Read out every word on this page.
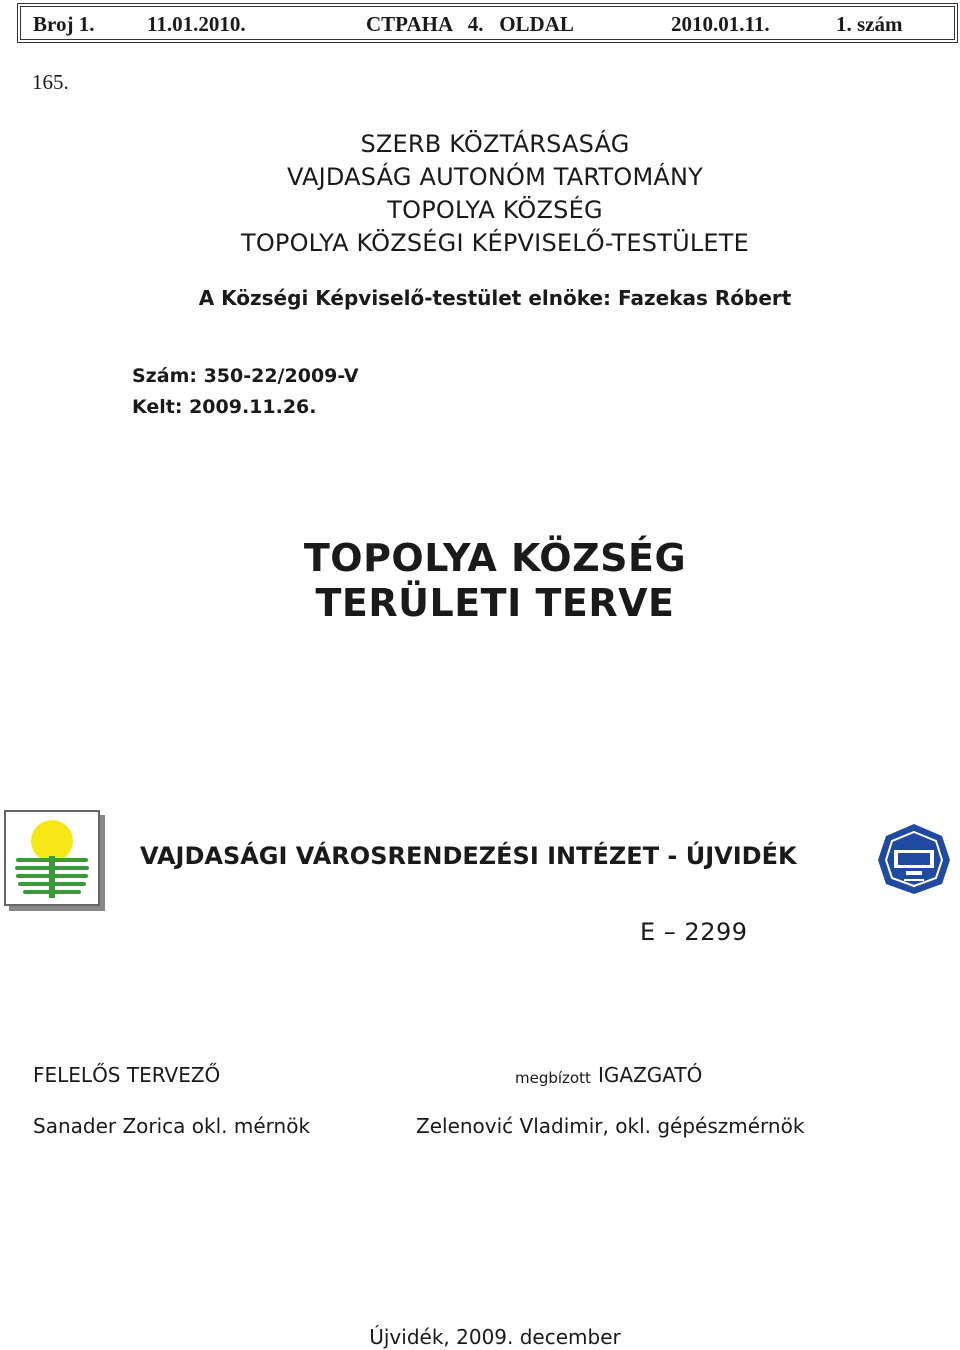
Broj 1.	11.01.2010.	CTPAHA   4.   OLDAL	2010.01.11.	1. szám
165.
SZERB KÖZTÁRSASÁG
VAJDASÁG AUTONÓM TARTOMÁNY
TOPOLYA KÖZSÉG
TOPOLYA KÖZSÉGI KÉPVISELŐ-TESTÜLETE
A Községi Képviselő-testület elnöke: Fazekas Róbert
Szám: 350-22/2009-V
Kelt: 2009.11.26.
TOPOLYA KÖZSÉG
TERÜLETI TERVE
VAJDASÁGI VÁROSRENDEZÉSI INTÉZET - ÚJVIDÉK
E – 2299
FELELŐS TERVEZŐ
Sanader Zorica okl. mérnök
megbízott IGAZGATÓ
Zelenović Vladimir, okl. gépészmérnök
Újvidék, 2009. december
